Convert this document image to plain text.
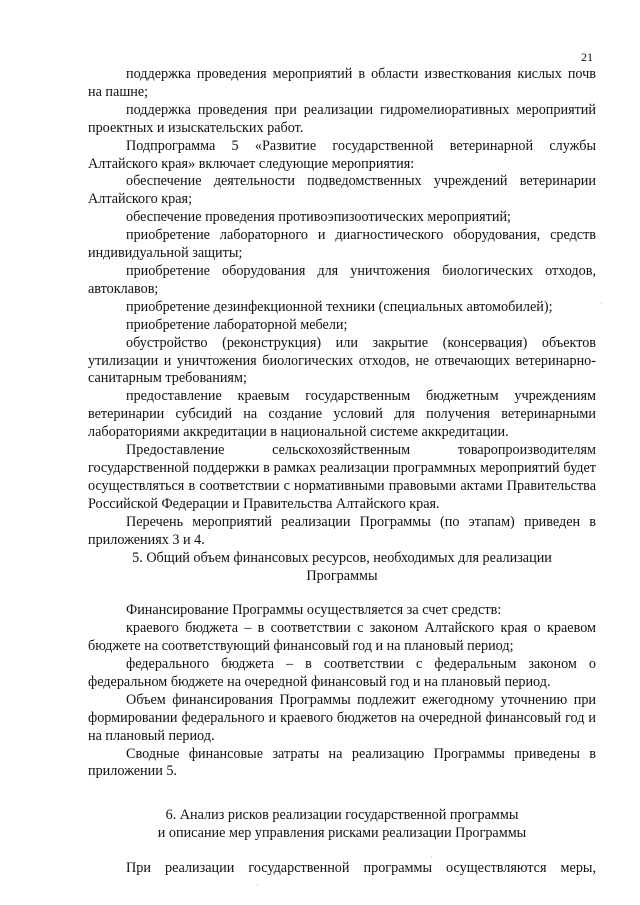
21

поддержка проведения мероприятий в области известкования кислых почв на пашне;

поддержка проведения при реализации гидромелиоративных мероприятий проектных и изыскательских работ.

Подпрограмма 5 «Развитие государственной ветеринарной службы Алтайского края» включает следующие мероприятия:

обеспечение деятельности подведомственных учреждений ветеринарии Алтайского края;

обеспечение проведения противоэпизоотических мероприятий;

приобретение лабораторного и диагностического оборудования, средств индивидуальной защиты;

приобретение оборудования для уничтожения биологических отходов, автоклавов;

приобретение дезинфекционной техники (специальных автомобилей);

приобретение лабораторной мебели;

обустройство (реконструкция) или закрытие (консервация) объектов утилизации и уничтожения биологических отходов, не отвечающих ветеринарно-санитарным требованиям;

предоставление краевым государственным бюджетным учреждениям ветеринарии субсидий на создание условий для получения ветеринарными лабораториями аккредитации в национальной системе аккредитации.

Предоставление сельскохозяйственным товаропроизводителям государственной поддержки в рамках реализации программных мероприятий будет осуществляться в соответствии с нормативными правовыми актами Правительства Российской Федерации и Правительства Алтайского края.

Перечень мероприятий реализации Программы (по этапам) приведен в приложениях 3 и 4.

5. Общий объем финансовых ресурсов, необходимых для реализации
Программы

Финансирование Программы осуществляется за счет средств:

краевого бюджета – в соответствии с законом Алтайского края о краевом бюджете на соответствующий финансовый год и на плановый период;

федерального бюджета – в соответствии с федеральным законом о федеральном бюджете на очередной финансовый год и на плановый период.

Объем финансирования Программы подлежит ежегодному уточнению при формировании федерального и краевого бюджетов на очередной финансовый год и на плановый период.

Сводные финансовые затраты на реализацию Программы приведены в приложении 5.

6. Анализ рисков реализации государственной программы
и описание мер управления рисками реализации Программы

При реализации государственной программы осуществляются меры,

·
·
·
